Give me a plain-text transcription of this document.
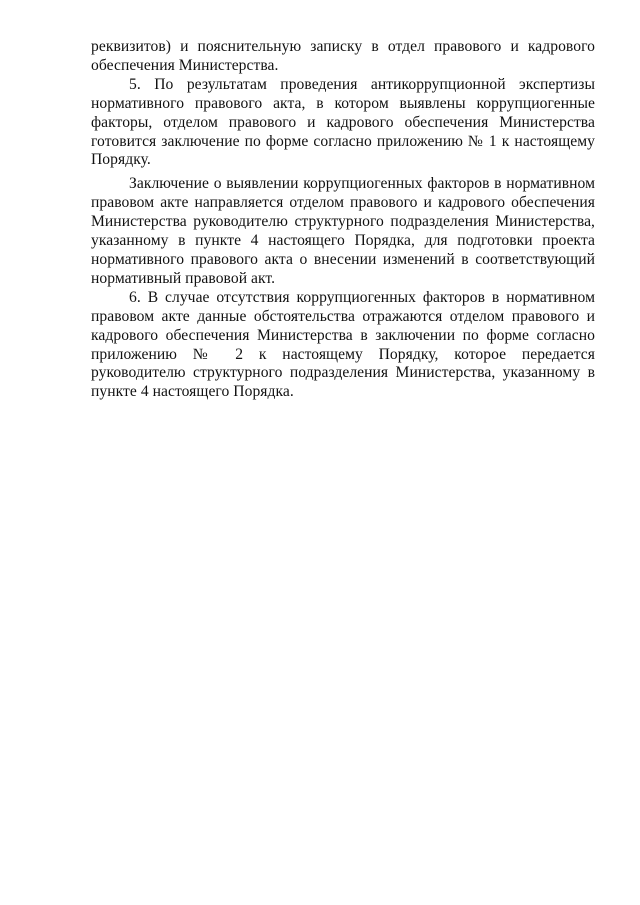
реквизитов) и пояснительную записку в отдел правового и кадрового обеспечения Министерства.

5. По результатам проведения антикоррупционной экспертизы нормативного правового акта, в котором выявлены коррупциогенные факторы, отделом правового и кадрового обеспечения Министерства готовится заключение по форме согласно приложению № 1 к настоящему Порядку.

Заключение о выявлении коррупциогенных факторов в нормативном правовом акте направляется отделом правового и кадрового обеспечения Министерства руководителю структурного подразделения Министерства, указанному в пункте 4 настоящего Порядка, для подготовки проекта нормативного правового акта о внесении изменений в соответствующий нормативный правовой акт.

6. В случае отсутствия коррупциогенных факторов в нормативном правовом акте данные обстоятельства отражаются отделом правового и кадрового обеспечения Министерства в заключении по форме согласно приложению № 2 к настоящему Порядку, которое передается руководителю структурного подразделения Министерства, указанному в пункте 4 настоящего Порядка.
